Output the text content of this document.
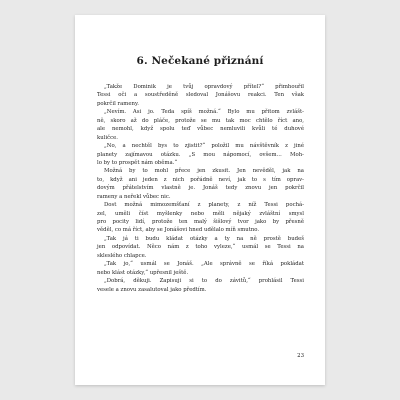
6. Nečekané přiznání

„Takže Dominik je tvůj opravdový přítel?“ přimhouřil
Tessi oči a soustředěně sledoval Jonášovu reakci. Ten však
pokrčil rameny.

„Nevím. Asi jo. Teda spíš možná.“ Bylo mu přitom zvlášt-
ně, skoro až do pláče, protože se mu tak moc chtělo říct ano,
ale nemohl, když spolu teď vůbec nemluvili kvůli té duhové
kuličce.

„No, a nechtěl bys to zjistit?“ položil mu návštěvník z jiné
planety zajímavou otázku. „S mou nápomocí, ovšem… Moh-
lo by to prospět nám oběma.“

Možná by to mohl přece jen zkusit. Jen nevěděl, jak na
to, když ani jeden z nich pořádně neví, jak to s tím oprav-
dovým přátelstvím vlastně je. Jonáš tedy znovu jen pokrčil
rameny a neřekl vůbec nic.

Dost možná mimozemšťaní z planety, z níž Tessi pochá-
zel, uměli číst myšlenky nebo měli nějaký zvláštní smysl
pro pocity lidí, protože ten malý šišlový tvor jako by přesně
věděl, co má říct, aby se Jonášovi hned udělalo míň smutno.

„Tak já ti budu kládat otázky a ty na ně prostě budeš
jen odpovídat. Něco nám z toho vyleze,“ usmál se Tessi na
skleslého chlapce.

„Tak jo,“ usmál se Jonáš. „Ale správně se říká pokládat
nebo klást otázky,“ upřesnil ještě.

„Dobrá, děkuji. Zapisuji si to do závitů,“ prohlásil Tessi
vesele a znovu zasalutoval jako předtím.

23
